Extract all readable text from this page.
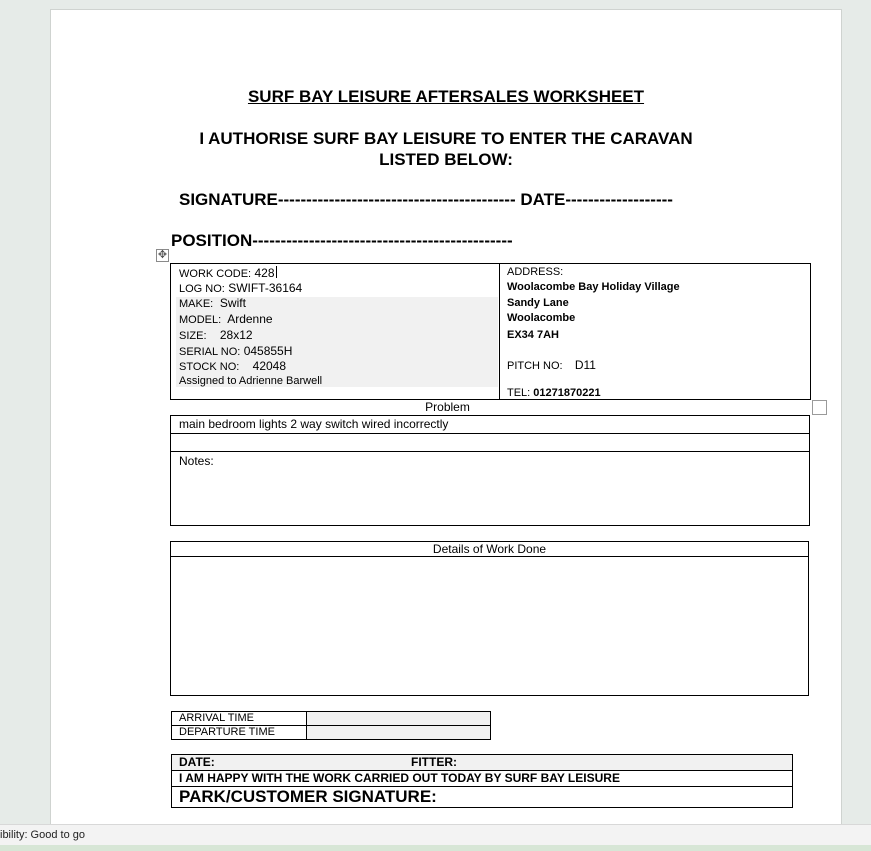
SURF BAY LEISURE AFTERSALES WORKSHEET
I AUTHORISE SURF BAY LEISURE TO ENTER THE CARAVAN
LISTED BELOW:
SIGNATURE------------------------------------------ DATE-------------------
POSITION----------------------------------------------
✥
WORK CODE: 428
LOG NO: SWIFT-36164
MAKE: Swift
MODEL: Ardenne
SIZE: 28x12
SERIAL NO: 045855H
STOCK NO: 42048
Assigned to Adrienne Barwell
ADDRESS:
Woolacombe Bay Holiday Village
Sandy Lane
Woolacombe
EX34 7AH
PITCH NO: D11
TEL: 01271870221
Problem
main bedroom lights 2 way switch wired incorrectly
Notes:
Details of Work Done
ARRIVAL TIME
DEPARTURE TIME
DATE:	FITTER:
I AM HAPPY WITH THE WORK CARRIED OUT TODAY BY SURF BAY LEISURE
PARK/CUSTOMER SIGNATURE:
ibility: Good to go
